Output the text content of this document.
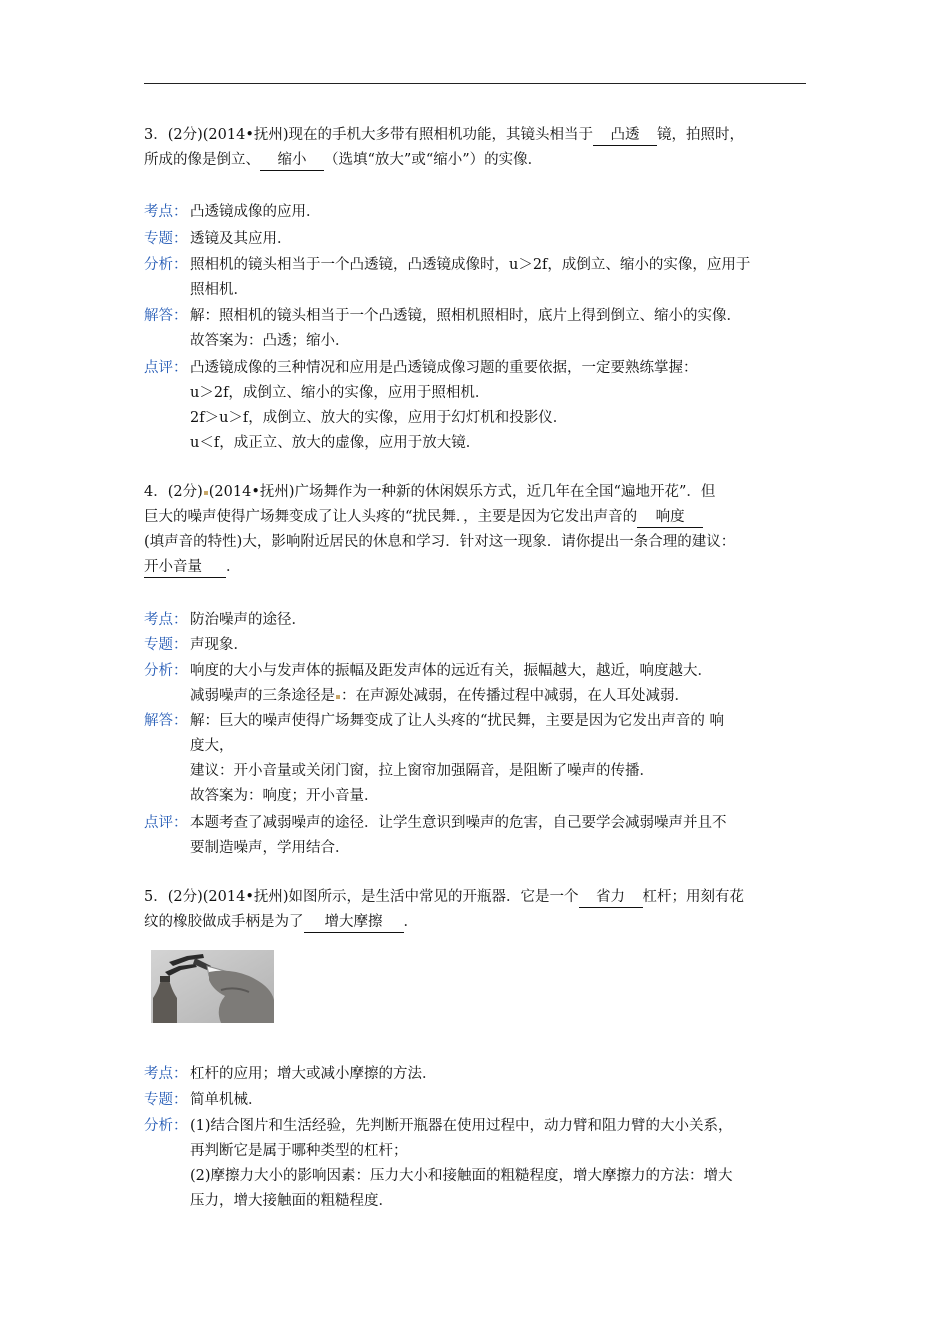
3．(2分)(2014•抚州)现在的手机大多带有照相机功能，其镜头相当于 凸透 镜，拍照时，
所成的像是倒立、 缩小 （选填“放大”或“缩小”）的实像．
考点： 凸透镜成像的应用．
专题： 透镜及其应用．
分析： 照相机的镜头相当于一个凸透镜，凸透镜成像时，u＞2f，成倒立、缩小的实像，应用于
照相机．
解答： 解：照相机的镜头相当于一个凸透镜，照相机照相时，底片上得到倒立、缩小的实像．
故答案为：凸透；缩小．
点评： 凸透镜成像的三种情况和应用是凸透镜成像习题的重要依据，一定要熟练掌握：
u＞2f，成倒立、缩小的实像，应用于照相机．
2f＞u＞f，成倒立、放大的实像，应用于幻灯机和投影仪．
u＜f，成正立、放大的虚像，应用于放大镜．
4．(2分) (2014•抚州)广场舞作为一种新的休闲娱乐方式，近几年在全国“遍地开花”．但
巨大的噪声使得广场舞变成了让人头疼的“扰民舞．，主要是因为它发出声音的 响度
(填声音的特性)大，影响附近居民的休息和学习．针对这一现象．请你提出一条合理的建议：
开小音量 ．
考点： 防治噪声的途径．
专题： 声现象．
分析： 响度的大小与发声体的振幅及距发声体的远近有关，振幅越大，越近，响度越大．
减弱噪声的三条途径是 ：在声源处减弱，在传播过程中减弱，在人耳处减弱．
解答： 解：巨大的噪声使得广场舞变成了让人头疼的“扰民舞，主要是因为它发出声音的 响
度大，
建议：开小音量或关闭门窗，拉上窗帘加强隔音，是阻断了噪声的传播．
故答案为：响度；开小音量．
点评： 本题考查了减弱噪声的途径．让学生意识到噪声的危害，自己要学会减弱噪声并且不
要制造噪声，学用结合．
5．(2分)(2014•抚州)如图所示，是生活中常见的开瓶器．它是一个 省力 杠杆；用刻有花
纹的橡胶做成手柄是为了 增大摩擦 ．
考点： 杠杆的应用；增大或减小摩擦的方法．
专题： 简单机械．
分析： (1)结合图片和生活经验，先判断开瓶器在使用过程中，动力臂和阻力臂的大小关系，
再判断它是属于哪种类型的杠杆；
(2)摩擦力大小的影响因素：压力大小和接触面的粗糙程度，增大摩擦力的方法：增大
压力，增大接触面的粗糙程度．
